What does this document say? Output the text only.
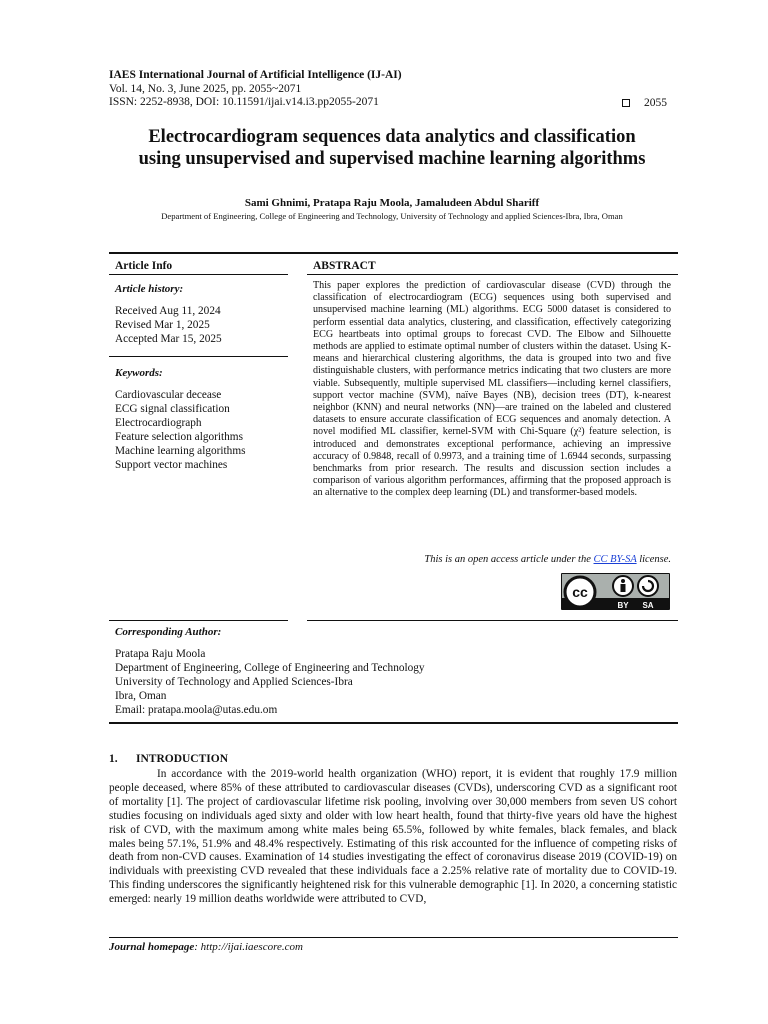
IAES International Journal of Artificial Intelligence (IJ-AI)
Vol. 14, No. 3, June 2025, pp. 2055~2071
ISSN: 2252-8938, DOI: 10.11591/ijai.v14.i3.pp2055-2071	2055
Electrocardiogram sequences data analytics and classification
using unsupervised and supervised machine learning algorithms
Sami Ghnimi, Pratapa Raju Moola, Jamaludeen Abdul Shariff
Department of Engineering, College of Engineering and Technology, University of Technology and applied Sciences-Ibra, Ibra, Oman
Article Info
Article history:
Received Aug 11, 2024
Revised Mar 1, 2025
Accepted Mar 15, 2025
Keywords:
Cardiovascular decease
ECG signal classification
Electrocardiograph
Feature selection algorithms
Machine learning algorithms
Support vector machines
ABSTRACT
This paper explores the prediction of cardiovascular disease (CVD) through the classification of electrocardiogram (ECG) sequences using both supervised and unsupervised machine learning (ML) algorithms. ECG 5000 dataset is considered to perform essential data analytics, clustering, and classification, effectively categorizing ECG heartbeats into optimal groups to forecast CVD. The Elbow and Silhouette methods are applied to estimate optimal number of clusters within the dataset. Using K-means and hierarchical clustering algorithms, the data is grouped into two and five distinguishable clusters, with performance metrics indicating that two clusters are more viable. Subsequently, multiple supervised ML classifiers—including kernel classifiers, support vector machine (SVM), naïve Bayes (NB), decision trees (DT), k-nearest neighbor (KNN) and neural networks (NN)—are trained on the labeled and clustered datasets to ensure accurate classification of ECG sequences and anomaly detection. A novel modified ML classifier, kernel-SVM with Chi-Square (χ²) feature selection, is introduced and demonstrates exceptional performance, achieving an impressive accuracy of 0.9848, recall of 0.9973, and a training time of 1.6944 seconds, surpassing benchmarks from prior research. The results and discussion section includes a comparison of various algorithm performances, affirming that the proposed approach is an alternative to the complex deep learning (DL) and transformer-based models.
This is an open access article under the CC BY-SA license.
cc
BY SA
Corresponding Author:
Pratapa Raju Moola
Department of Engineering, College of Engineering and Technology
University of Technology and Applied Sciences-Ibra
Ibra, Oman
Email: pratapa.moola@utas.edu.om
1. INTRODUCTION

In accordance with the 2019-world health organization (WHO) report, it is evident that roughly 17.9 million people deceased, where 85% of these attributed to cardiovascular diseases (CVDs), underscoring CVD as a significant root of mortality [1]. The project of cardiovascular lifetime risk pooling, involving over 30,000 members from seven US cohort studies focusing on individuals aged sixty and older with low heart health, found that thirty-five years old have the highest risk of CVD, with the maximum among white males being 65.5%, followed by white females, black females, and black males being 57.1%, 51.9% and 48.4% respectively. Estimating of this risk accounted for the influence of competing risks of death from non-CVD causes. Examination of 14 studies investigating the effect of coronavirus disease 2019 (COVID-19) on individuals with preexisting CVD revealed that these individuals face a 2.25% relative rate of mortality due to COVID-19. This finding underscores the significantly heightened risk for this vulnerable demographic [1]. In 2020, a concerning statistic emerged: nearly 19 million deaths worldwide were attributed to CVD,

Journal homepage: http://ijai.iaescore.com
